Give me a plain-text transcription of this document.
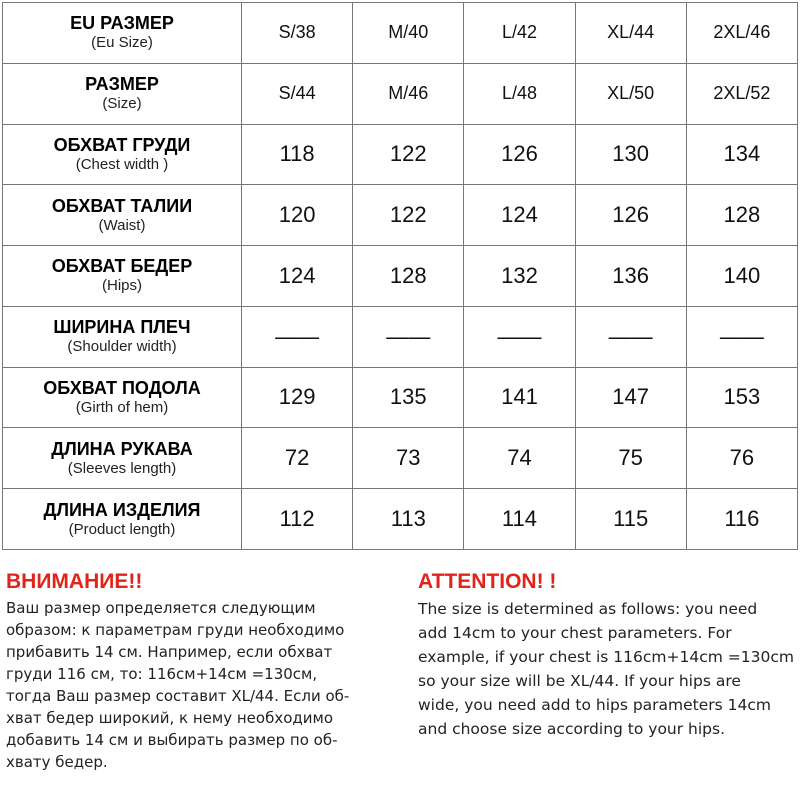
EU РАЗМЕР
(Eu Size)	S/38	M/40	L/42	XL/44	2XL/46

РАЗМЕР
(Size)	S/44	M/46	L/48	XL/50	2XL/52

ОБХВАТ ГРУДИ
(Chest width )	118	122	126	130	134

ОБХВАТ ТАЛИИ
(Waist)	120	122	124	126	128

ОБХВАТ БЕДЕР
(Hips)	124	128	132	136	140

ШИРИНА ПЛЕЧ
(Shoulder width)	——	——	——	——	——

ОБХВАТ ПОДОЛА
(Girth of hem)	129	135	141	147	153

ДЛИНА РУКАВА
(Sleeves length)	72	73	74	75	76

ДЛИНА ИЗДЕЛИЯ
(Product length)	112	113	114	115	116

ВНИМАНИЕ!!

Ваш размер определяется следующим
образом: к параметрам груди необходимо
прибавить 14 см. Например, если обхват
груди 116 см, то: 116см+14см =130см,
тогда Ваш размер составит XL/44. Если об-
хват бедер широкий, к нему необходимо
добавить 14 см и выбирать размер по об-
хвату бедер.

ATTENTION! !

The size is determined as follows: you need
add 14cm to your chest parameters. For
example, if your chest is 116cm+14cm =130cm
so your size will be XL/44. If your hips are
wide, you need add to hips parameters 14cm
and choose size according to your hips.
